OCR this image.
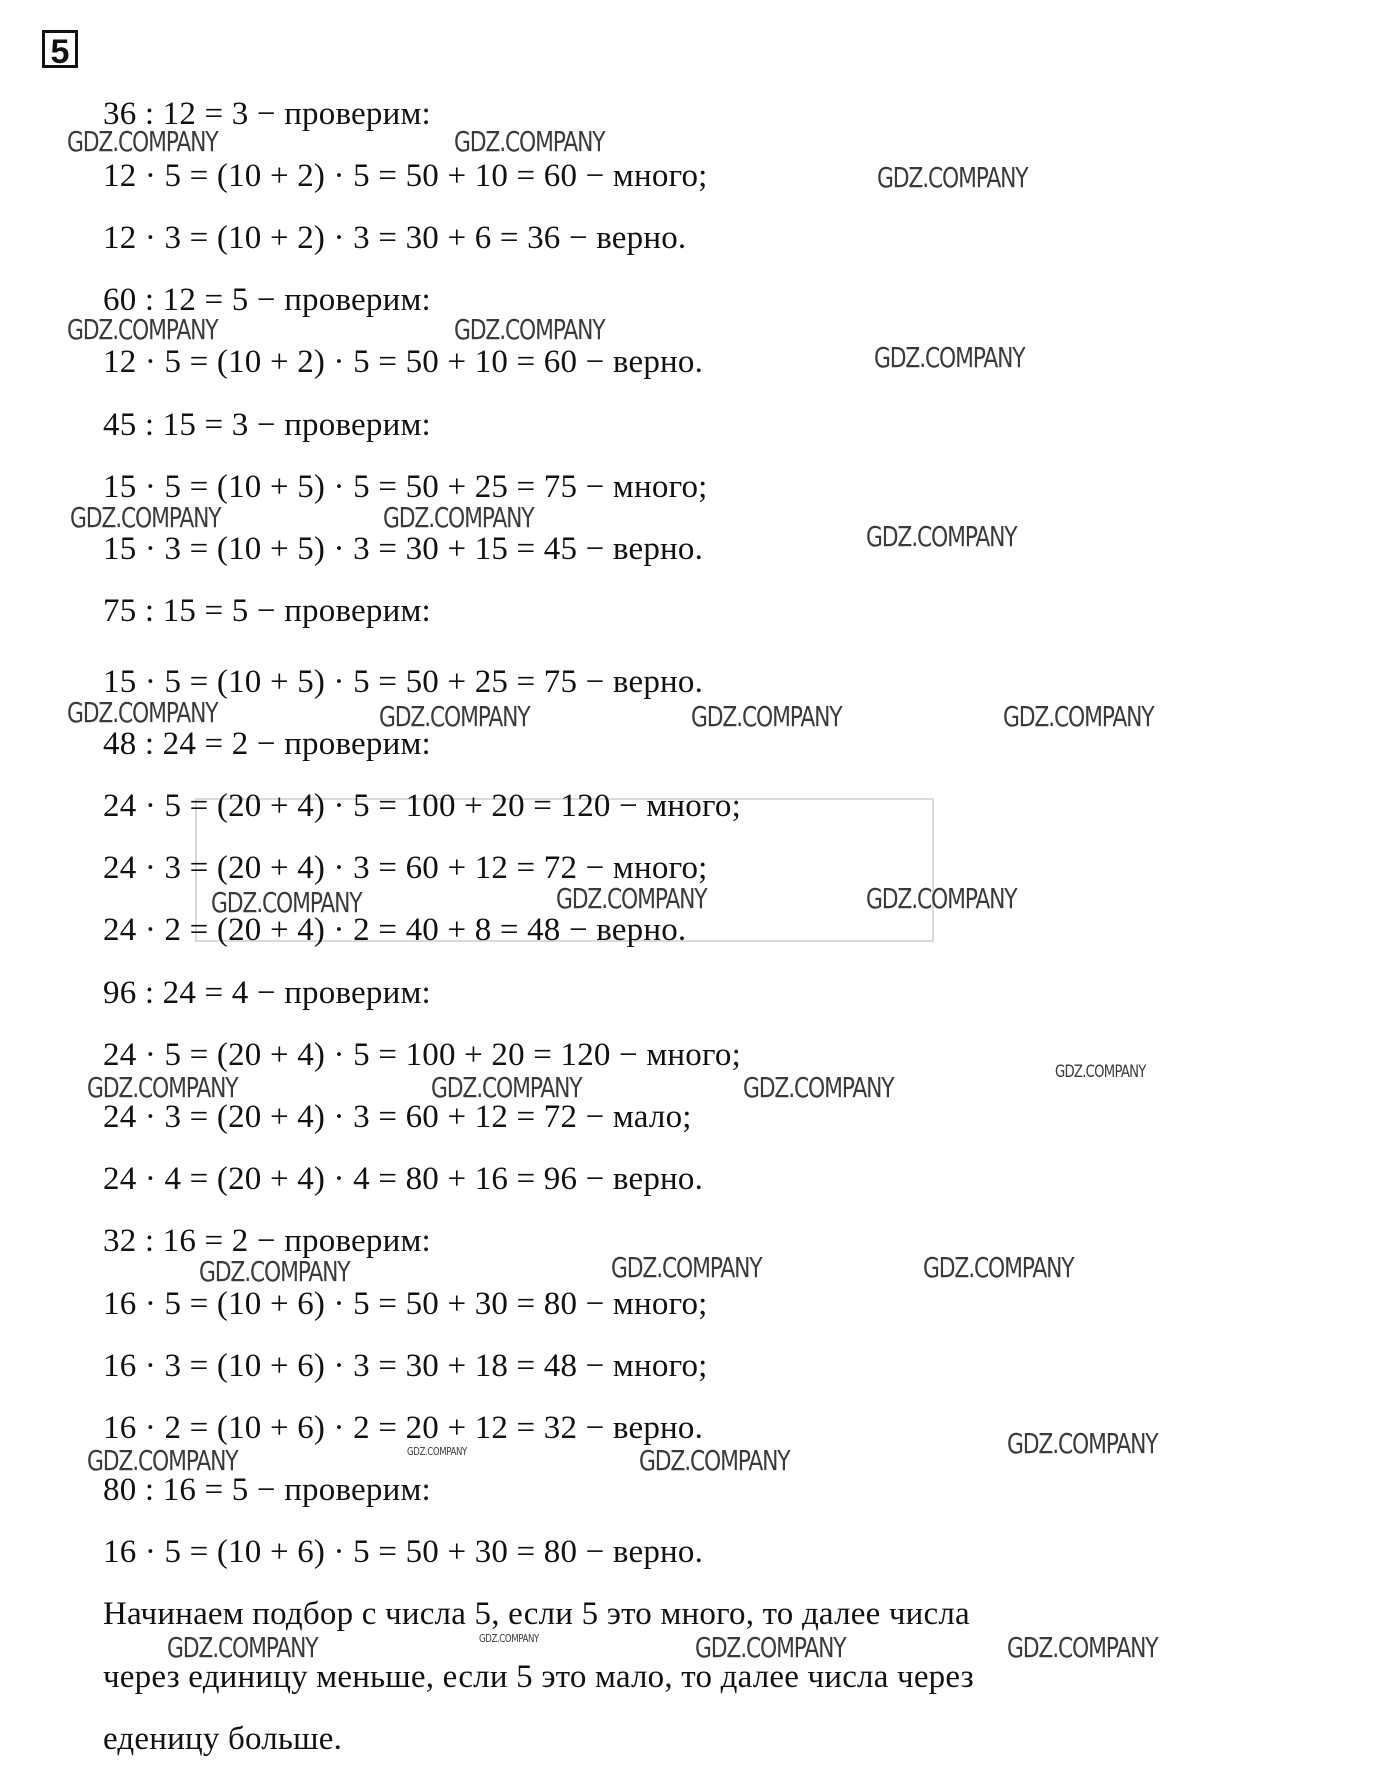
5
36 : 12 = 3 − проверим:
12 · 5 = (10 + 2) · 5 = 50 + 10 = 60 − много;
12 · 3 = (10 + 2) · 3 = 30 + 6 = 36 − верно.
60 : 12 = 5 − проверим:
12 · 5 = (10 + 2) · 5 = 50 + 10 = 60 − верно.
45 : 15 = 3 − проверим:
15 · 5 = (10 + 5) · 5 = 50 + 25 = 75 − много;
15 · 3 = (10 + 5) · 3 = 30 + 15 = 45 − верно.
75 : 15 = 5 − проверим:
15 · 5 = (10 + 5) · 5 = 50 + 25 = 75 − верно.
48 : 24 = 2 − проверим:
24 · 5 = (20 + 4) · 5 = 100 + 20 = 120 − много;
24 · 3 = (20 + 4) · 3 = 60 + 12 = 72 − много;
24 · 2 = (20 + 4) · 2 = 40 + 8 = 48 − верно.
96 : 24 = 4 − проверим:
24 · 5 = (20 + 4) · 5 = 100 + 20 = 120 − много;
24 · 3 = (20 + 4) · 3 = 60 + 12 = 72 − мало;
24 · 4 = (20 + 4) · 4 = 80 + 16 = 96 − верно.
32 : 16 = 2 − проверим:
16 · 5 = (10 + 6) · 5 = 50 + 30 = 80 − много;
16 · 3 = (10 + 6) · 3 = 30 + 18 = 48 − много;
16 · 2 = (10 + 6) · 2 = 20 + 12 = 32 − верно.
80 : 16 = 5 − проверим:
16 · 5 = (10 + 6) · 5 = 50 + 30 = 80 − верно.
Начинаем подбор с числа 5, если 5 это много, то далее числа
через единицу меньше, если 5 это мало, то далее числа через
еденицу больше.
GDZ.COMPANY	GDZ.COMPANY
GDZ.COMPANY
GDZ.COMPANY	GDZ.COMPANY
GDZ.COMPANY
GDZ.COMPANY	GDZ.COMPANY
GDZ.COMPANY
GDZ.COMPANY	GDZ.COMPANY	GDZ.COMPANY	GDZ.COMPANY
GDZ.COMPANY	GDZ.COMPANY	GDZ.COMPANY
GDZ.COMPANY
GDZ.COMPANY	GDZ.COMPANY	GDZ.COMPANY
GDZ.COMPANY	GDZ.COMPANY	GDZ.COMPANY
GDZ.COMPANY	GDZ.COMPANY	GDZ.COMPANY
GDZ.COMPANY
GDZ.COMPANY	GDZ.COMPANY	GDZ.COMPANY	GDZ.COMPANY
